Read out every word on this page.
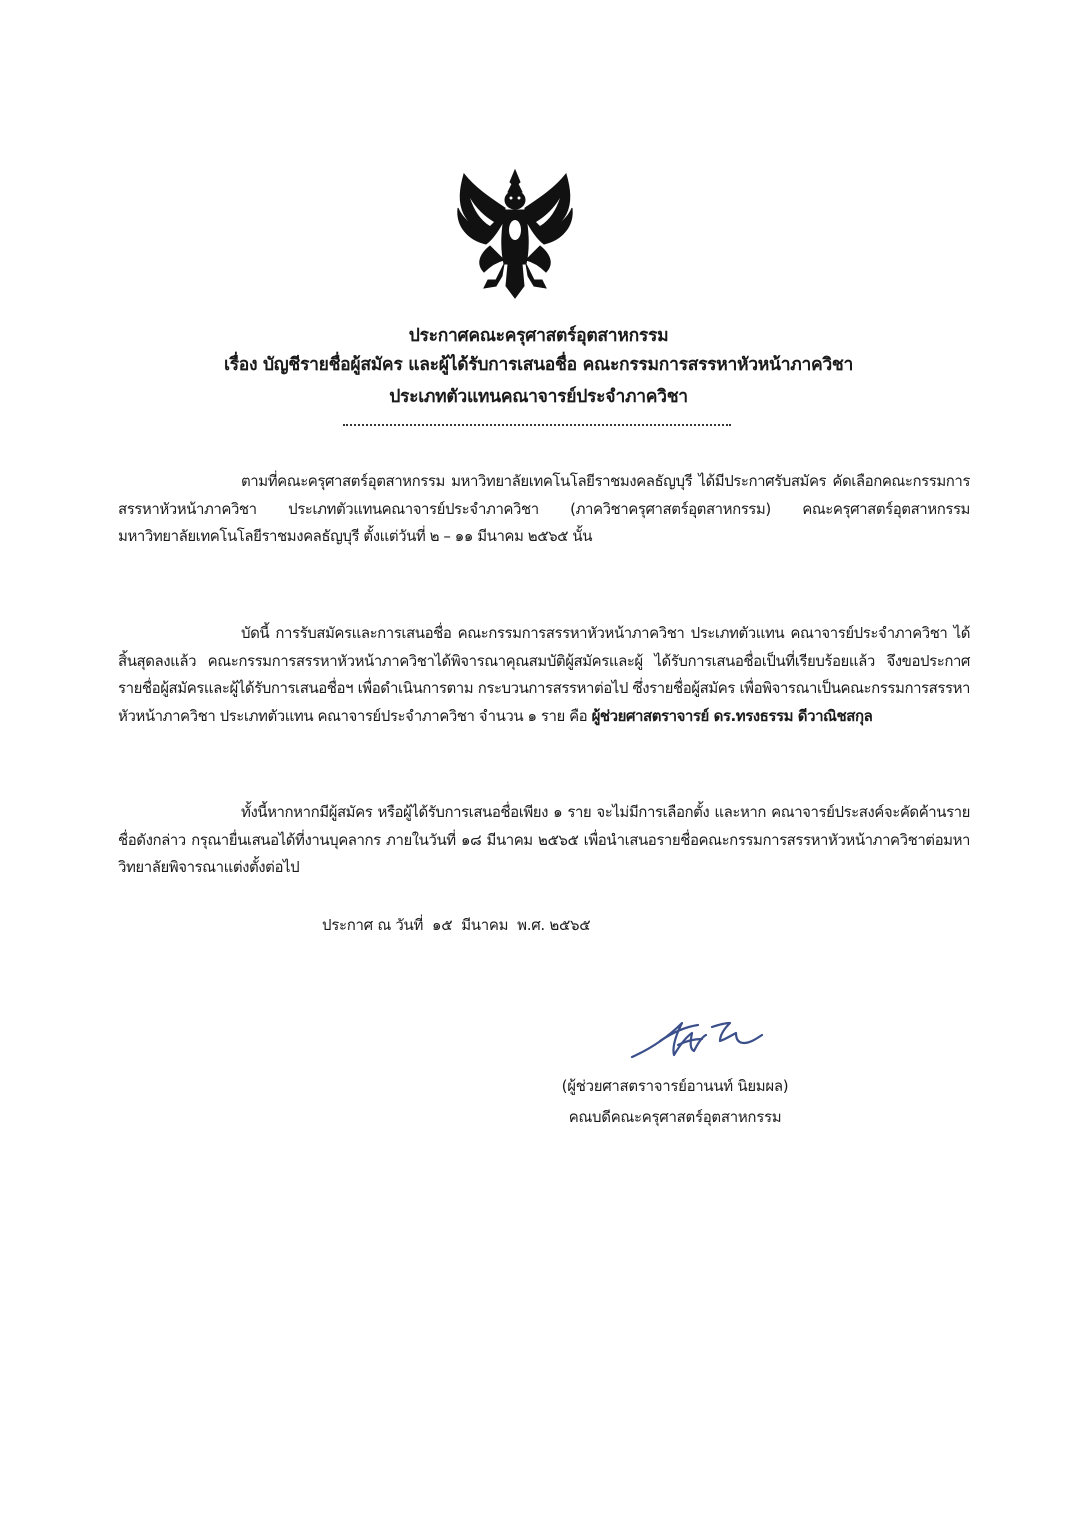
ประกาศคณะครุศาสตร์อุตสาหกรรม
เรื่อง บัญชีรายชื่อผู้สมัคร และผู้ได้รับการเสนอชื่อ คณะกรรมการสรรหาหัวหน้าภาควิชา
ประเภทตัวแทนคณาจารย์ประจำภาควิชา
ตามที่คณะครุศาสตร์อุตสาหกรรม มหาวิทยาลัยเทคโนโลยีราชมงคลธัญบุรี ได้มีประกาศรับสมัคร คัดเลือกคณะกรรมการสรรหาหัวหน้าภาควิชา ประเภทตัวแทนคณาจารย์ประจำภาควิชา (ภาควิชาครุศาสตร์อุตสาหกรรม) คณะครุศาสตร์อุตสาหกรรม มหาวิทยาลัยเทคโนโลยีราชมงคลธัญบุรี ตั้งแต่วันที่ ๒ – ๑๑ มีนาคม ๒๕๖๕ นั้น
บัดนี้ การรับสมัครและการเสนอชื่อ คณะกรรมการสรรหาหัวหน้าภาควิชา ประเภทตัวแทน คณาจารย์ประจำภาควิชา ได้สิ้นสุดลงแล้ว คณะกรรมการสรรหาหัวหน้าภาควิชาได้พิจารณาคุณสมบัติผู้สมัครและผู้ ได้รับการเสนอชื่อเป็นที่เรียบร้อยแล้ว จึงขอประกาศรายชื่อผู้สมัครและผู้ได้รับการเสนอชื่อฯ เพื่อดำเนินการตาม กระบวนการสรรหาต่อไป ซึ่งรายชื่อผู้สมัคร เพื่อพิจารณาเป็นคณะกรรมการสรรหาหัวหน้าภาควิชา ประเภทตัวแทน คณาจารย์ประจำภาควิชา จำนวน ๑ ราย คือ ผู้ช่วยศาสตราจารย์ ดร.ทรงธรรม ดีวาณิชสกุล
ทั้งนี้หากหากมีผู้สมัคร หรือผู้ได้รับการเสนอชื่อเพียง ๑ ราย จะไม่มีการเลือกตั้ง และหาก คณาจารย์ประสงค์จะคัดค้านรายชื่อดังกล่าว กรุณายื่นเสนอได้ที่งานบุคลากร ภายในวันที่ ๑๘ มีนาคม ๒๕๖๕ เพื่อนำเสนอรายชื่อคณะกรรมการสรรหาหัวหน้าภาควิชาต่อมหาวิทยาลัยพิจารณาแต่งตั้งต่อไป
ประกาศ ณ วันที่  ๑๕  มีนาคม  พ.ศ. ๒๕๖๕
(ผู้ช่วยศาสตราจารย์อานนท์ นิยมผล)
คณบดีคณะครุศาสตร์อุตสาหกรรม
